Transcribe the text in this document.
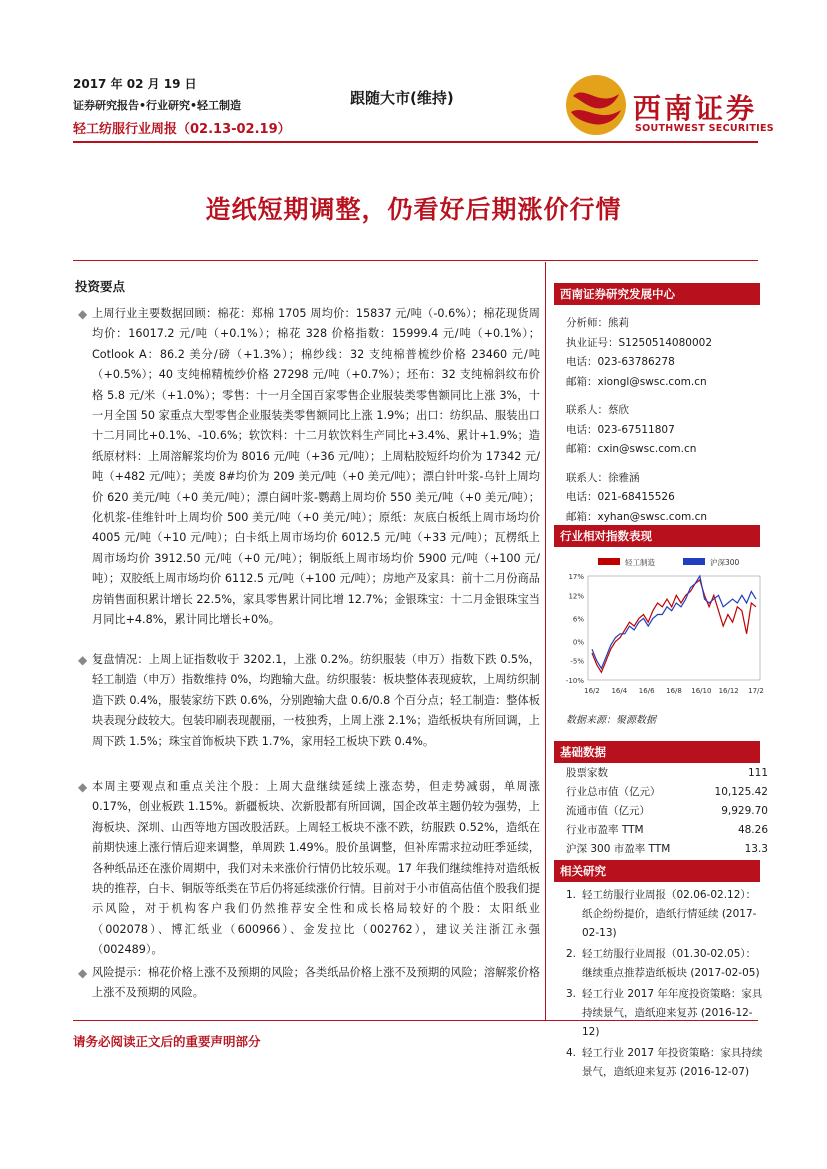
2017 年 02 月 19 日
证券研究报告•行业研究•轻工制造
轻工纺服行业周报（02.13-02.19）
跟随大市(维持)	西南证券
SOUTHWEST SECURITIES
造纸短期调整，仍看好后期涨价行情
投资要点
◆ 上周行业主要数据回顾：棉花：郑棉 1705 周均价：15837 元/吨（-0.6%）；棉花现货周均价：16017.2 元/吨（+0.1%）；棉花 328 价格指数：15999.4 元/吨（+0.1%）；Cotlook A：86.2 美分/磅（+1.3%）；棉纱线：32 支纯棉普梳纱价格 23460 元/吨（+0.5%）；40 支纯棉精梳纱价格 27298 元/吨（+0.7%）；坯布：32 支纯棉斜纹布价格 5.8 元/米（+1.0%）；零售：十一月全国百家零售企业服装类零售额同比上涨 3%，十一月全国 50 家重点大型零售企业服装类零售额同比上涨 1.9%；出口：纺织品、服装出口十二月同比+0.1%、-10.6%；软饮料：十二月软饮料生产同比+3.4%、累计+1.9%；造纸原材料：上周溶解浆均价为 8016 元/吨（+36 元/吨）；上周粘胶短纤均价为 17342 元/吨（+482 元/吨）；美废 8#均价为 209 美元/吨（+0 美元/吨）；漂白针叶浆-乌针上周均价 620 美元/吨（+0 美元/吨）；漂白阔叶浆-鹦鹉上周均价 550 美元/吨（+0 美元/吨）；化机浆-佳维针叶上周均价 500 美元/吨（+0 美元/吨）；原纸：灰底白板纸上周市场均价 4005 元/吨（+10 元/吨）；白卡纸上周市场均价 6012.5 元/吨（+33 元/吨）；瓦楞纸上周市场均价 3912.50 元/吨（+0 元/吨）；铜版纸上周市场均价 5900 元/吨（+100 元/吨）；双胶纸上周市场均价 6112.5 元/吨（+100 元/吨）；房地产及家具：前十二月份商品房销售面积累计增长 22.5%，家具零售累计同比增 12.7%；金银珠宝：十二月金银珠宝当月同比+4.8%，累计同比增长+0%。
◆ 复盘情况：上周上证指数收于 3202.1，上涨 0.2%。纺织服装（申万）指数下跌 0.5%，轻工制造（申万）指数维持 0%，均跑输大盘。纺织服装：板块整体表现疲软，上周纺织制造下跌 0.4%，服装家纺下跌 0.6%，分别跑输大盘 0.6/0.8 个百分点；轻工制造：整体板块表现分歧较大。包装印刷表现靓丽，一枝独秀，上周上涨 2.1%；造纸板块有所回调，上周下跌 1.5%；珠宝首饰板块下跌 1.7%，家用轻工板块下跌 0.4%。
◆ 本周主要观点和重点关注个股：上周大盘继续延续上涨态势，但走势减弱，单周涨 0.17%，创业板跌 1.15%。新疆板块、次新股都有所回调，国企改革主题仍较为强势，上海板块、深圳、山西等地方国改股活跃。上周轻工板块不涨不跌，纺服跌 0.52%，造纸在前期快速上涨行情后迎来调整，单周跌 1.49%。股价虽调整，但补库需求拉动旺季延续，各种纸品还在涨价周期中，我们对未来涨价行情仍比较乐观。17 年我们继续维持对造纸板块的推荐，白卡、铜版等纸类在节后仍将延续涨价行情。目前对于小市值高估值个股我们提示风险，对于机构客户我们仍然推荐安全性和成长格局较好的个股：太阳纸业（002078）、博汇纸业（600966）、金发拉比（002762），建议关注浙江永强（002489）。
◆ 风险提示：棉花价格上涨不及预期的风险；各类纸品价格上涨不及预期的风险；溶解浆价格上涨不及预期的风险。
西南证券研究发展中心
分析师：熊莉
执业证号：S1250514080002
电话：023-63786278
邮箱：xiongl@swsc.com.cn
联系人：蔡欣
电话：023-67511807
邮箱：cxin@swsc.com.cn
联系人：徐雅涵
电话：021-68415526
邮箱：xyhan@swsc.com.cn
行业相对指数表现
轻工制造	沪深300
17%
12%
6%
0%
-5%
-10%
16/2 16/4 16/6 16/8 16/10 16/12 17/2
数据来源：聚源数据
基础数据
股票家数	111
行业总市值（亿元）	10,125.42
流通市值（亿元）	9,929.70
行业市盈率 TTM	48.26
沪深 300 市盈率 TTM	13.3
相关研究
1. 轻工纺服行业周报（02.06-02.12）：纸企纷纷提价，造纸行情延续 (2017-02-13)
2. 轻工纺服行业周报（01.30-02.05）：继续重点推荐造纸板块 (2017-02-05)
3. 轻工行业 2017 年年度投资策略：家具持续景气，造纸迎来复苏 (2016-12-12)
4. 轻工行业 2017 年投资策略：家具持续景气，造纸迎来复苏 (2016-12-07)
请务必阅读正文后的重要声明部分
